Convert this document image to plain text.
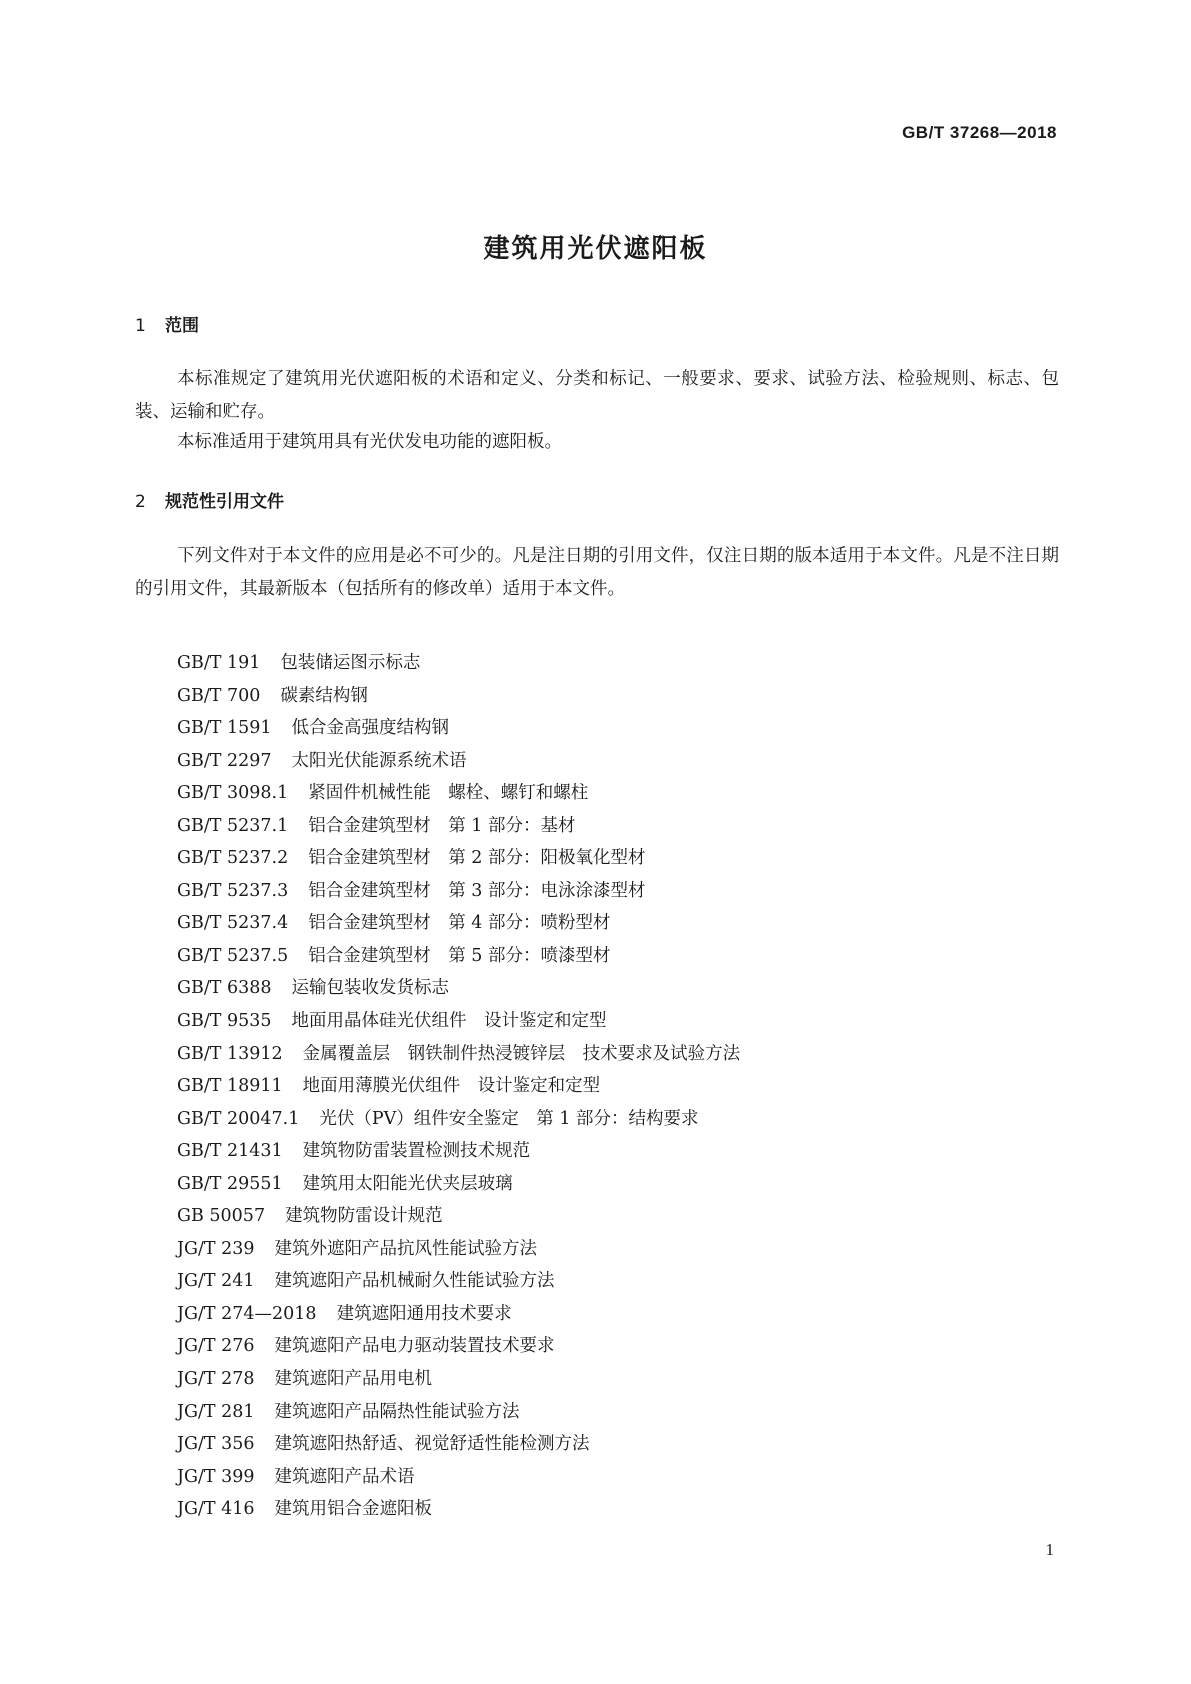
GB/T 37268—2018
建筑用光伏遮阳板
1 范围

本标准规定了建筑用光伏遮阳板的术语和定义、分类和标记、一般要求、要求、试验方法、检验规则、标志、包装、运输和贮存。

本标准适用于建筑用具有光伏发电功能的遮阳板。

2 规范性引用文件

下列文件对于本文件的应用是必不可少的。凡是注日期的引用文件，仅注日期的版本适用于本文件。凡是不注日期的引用文件，其最新版本（包括所有的修改单）适用于本文件。

GB/T 191 包装储运图示标志
GB/T 700 碳素结构钢
GB/T 1591 低合金高强度结构钢
GB/T 2297 太阳光伏能源系统术语
GB/T 3098.1 紧固件机械性能　螺栓、螺钉和螺柱
GB/T 5237.1 铝合金建筑型材　第 1 部分：基材
GB/T 5237.2 铝合金建筑型材　第 2 部分：阳极氧化型材
GB/T 5237.3 铝合金建筑型材　第 3 部分：电泳涂漆型材
GB/T 5237.4 铝合金建筑型材　第 4 部分：喷粉型材
GB/T 5237.5 铝合金建筑型材　第 5 部分：喷漆型材
GB/T 6388 运输包装收发货标志
GB/T 9535 地面用晶体硅光伏组件　设计鉴定和定型
GB/T 13912 金属覆盖层　钢铁制件热浸镀锌层　技术要求及试验方法
GB/T 18911 地面用薄膜光伏组件　设计鉴定和定型
GB/T 20047.1 光伏（PV）组件安全鉴定　第 1 部分：结构要求
GB/T 21431 建筑物防雷装置检测技术规范
GB/T 29551 建筑用太阳能光伏夹层玻璃
GB 50057 建筑物防雷设计规范
JG/T 239 建筑外遮阳产品抗风性能试验方法
JG/T 241 建筑遮阳产品机械耐久性能试验方法
JG/T 274—2018 建筑遮阳通用技术要求
JG/T 276 建筑遮阳产品电力驱动装置技术要求
JG/T 278 建筑遮阳产品用电机
JG/T 281 建筑遮阳产品隔热性能试验方法
JG/T 356 建筑遮阳热舒适、视觉舒适性能检测方法
JG/T 399 建筑遮阳产品术语
JG/T 416 建筑用铝合金遮阳板
1
